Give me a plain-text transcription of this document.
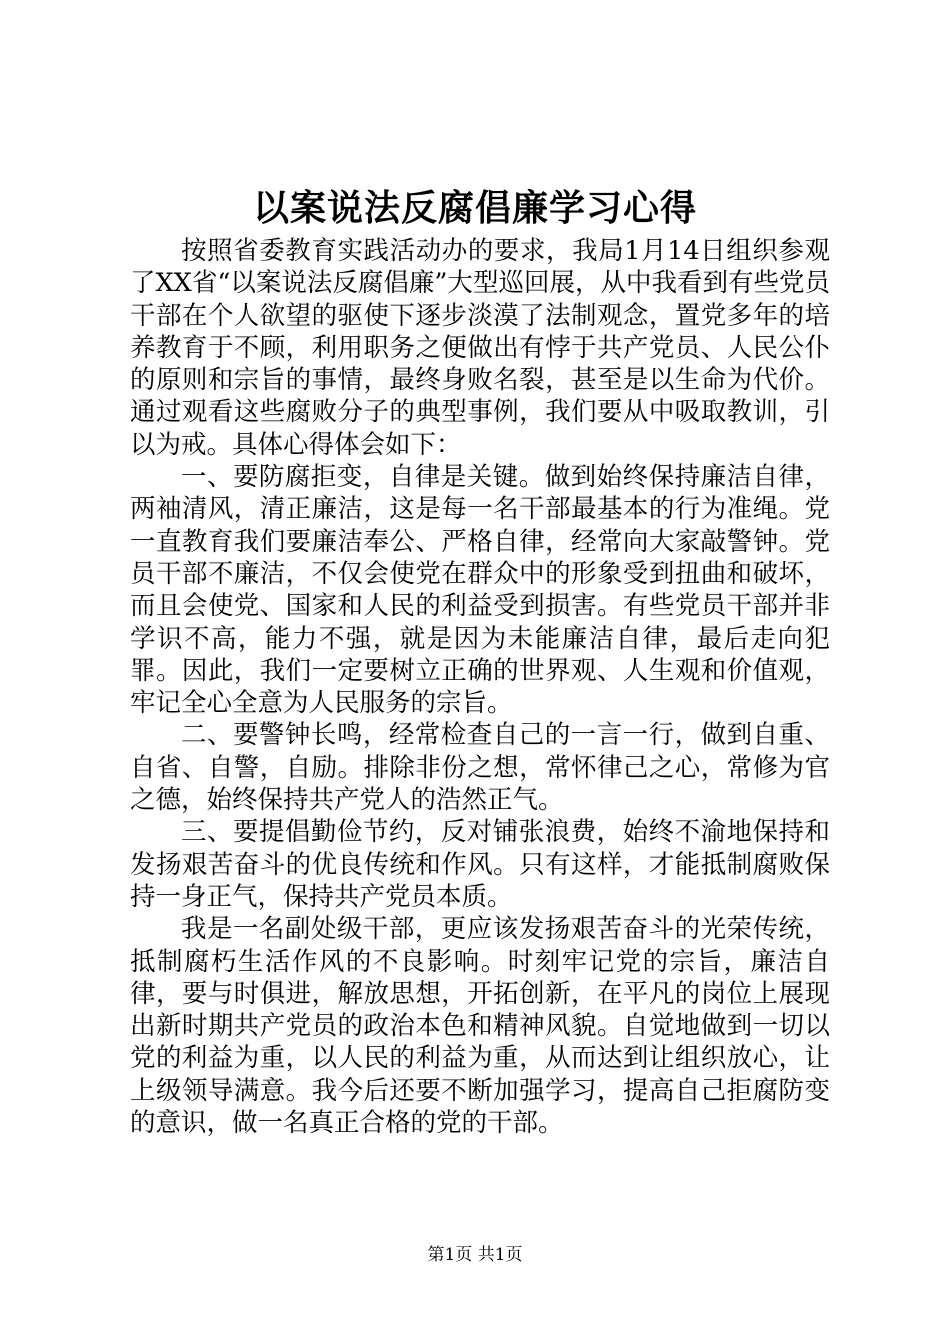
以案说法反腐倡廉学习心得

按照省委教育实践活动办的要求，我局1月14日组织参观了XX省“以案说法反腐倡廉”大型巡回展，从中我看到有些党员干部在个人欲望的驱使下逐步淡漠了法制观念，置党多年的培养教育于不顾，利用职务之便做出有悖于共产党员、人民公仆的原则和宗旨的事情，最终身败名裂，甚至是以生命为代价。通过观看这些腐败分子的典型事例，我们要从中吸取教训，引以为戒。具体心得体会如下：

一、要防腐拒变，自律是关键。做到始终保持廉洁自律，两袖清风，清正廉洁，这是每一名干部最基本的行为准绳。党一直教育我们要廉洁奉公、严格自律，经常向大家敲警钟。党员干部不廉洁，不仅会使党在群众中的形象受到扭曲和破坏，而且会使党、国家和人民的利益受到损害。有些党员干部并非学识不高，能力不强，就是因为未能廉洁自律，最后走向犯罪。因此，我们一定要树立正确的世界观、人生观和价值观，牢记全心全意为人民服务的宗旨。

二、要警钟长鸣，经常检查自己的一言一行，做到自重、自省、自警，自励。排除非份之想，常怀律己之心，常修为官之德，始终保持共产党人的浩然正气。

三、要提倡勤俭节约，反对铺张浪费，始终不渝地保持和发扬艰苦奋斗的优良传统和作风。只有这样，才能抵制腐败保持一身正气，保持共产党员本质。

我是一名副处级干部，更应该发扬艰苦奋斗的光荣传统，抵制腐朽生活作风的不良影响。时刻牢记党的宗旨，廉洁自律，要与时俱进，解放思想，开拓创新，在平凡的岗位上展现出新时期共产党员的政治本色和精神风貌。自觉地做到一切以党的利益为重，以人民的利益为重，从而达到让组织放心，让上级领导满意。我今后还要不断加强学习，提高自己拒腐防变的意识，做一名真正合格的党的干部。

第1页 共1页
